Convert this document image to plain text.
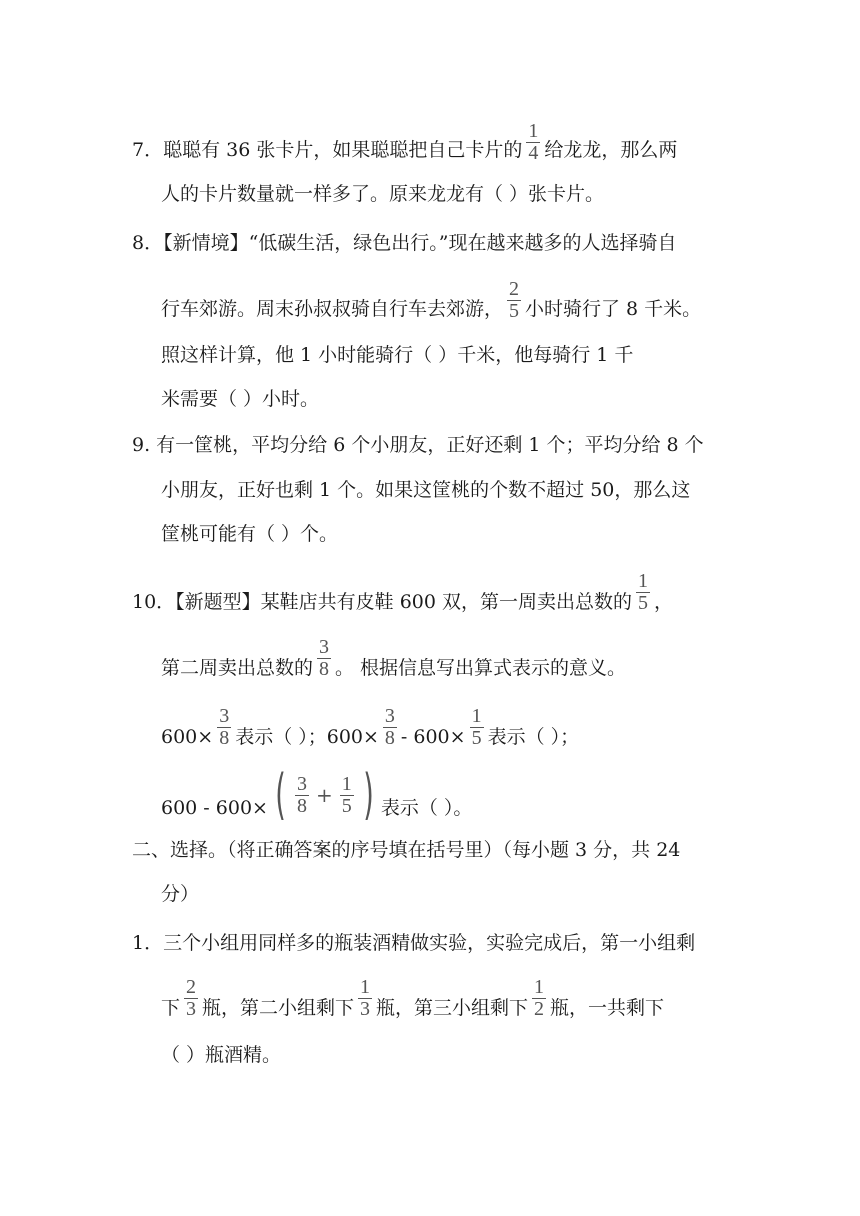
7．聪聪有 36 张卡片，如果聪聪把自己卡片的 $\frac{1}{4}$ 给龙龙，那么两
人的卡片数量就一样多了。原来龙龙有（ ）张卡片。
8．【新情境】“低碳生活，绿色出行。”现在越来越多的人选择骑自
行车郊游。周末孙叔叔骑自行车去郊游， $\frac{2}{5}$ 小时骑行了 8 千米。
照这样计算，他 1 小时能骑行（ ）千米，他每骑行 1 千
米需要（ ）小时。
9. 有一筐桃，平均分给 6 个小朋友，正好还剩 1 个；平均分给 8 个
小朋友，正好也剩 1 个。如果这筐桃的个数不超过 50，那么这
筐桃可能有（ ）个。
10．【新题型】某鞋店共有皮鞋 600 双，第一周卖出总数的 $\frac{1}{5}$ ，
第二周卖出总数的 $\frac{3}{8}$ 。 根据信息写出算式表示的意义。
$600\times \frac{3}{8}$ 表示（ ）；$600\times \frac{3}{8} - 600\times \frac{1}{5}$ 表示（ ）；
600 - 600× ( $\frac{3}{8} + \frac{1}{5}$ ) 表示（ ）。
二、选择。（将正确答案的序号填在括号里）（每小题 3 分，共 24
分）
1．三个小组用同样多的瓶装酒精做实验，实验完成后，第一小组剩
下 $\frac{2}{3}$ 瓶，第二小组剩下 $\frac{1}{3}$ 瓶，第三小组剩下 $\frac{1}{2}$ 瓶，一共剩下
（ ）瓶酒精。
